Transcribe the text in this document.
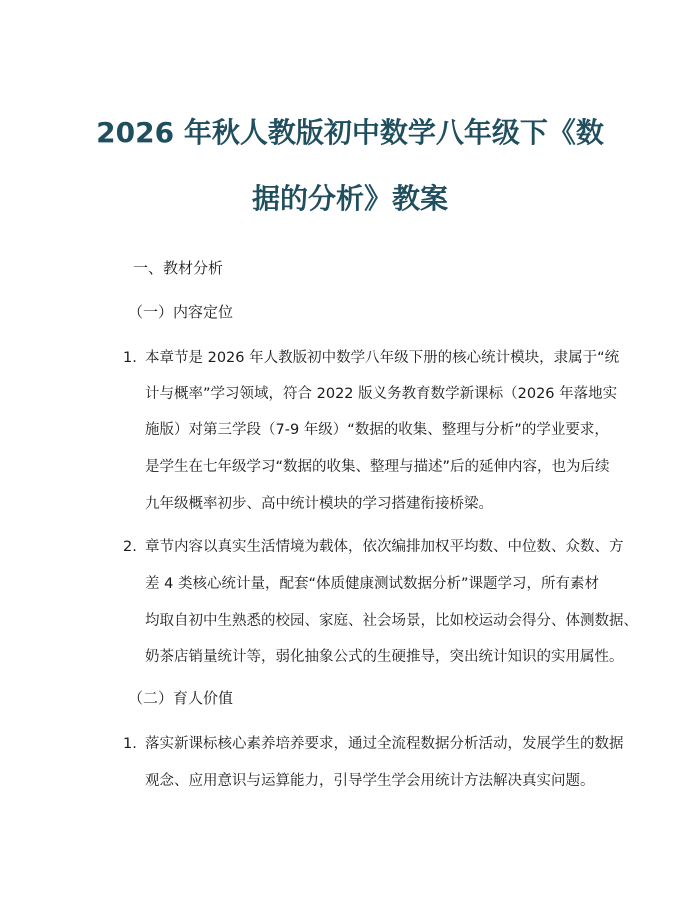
2026 年秋人教版初中数学八年级下《数
据的分析》教案

一、教材分析

（一）内容定位

1. 本章节是 2026 年人教版初中数学八年级下册的核心统计模块，隶属于“统
计与概率”学习领域，符合 2022 版义务教育数学新课标（2026 年落地实
施版）对第三学段（7-9 年级）“数据的收集、整理与分析”的学业要求，
是学生在七年级学习“数据的收集、整理与描述”后的延伸内容，也为后续
九年级概率初步、高中统计模块的学习搭建衔接桥梁。
2. 章节内容以真实生活情境为载体，依次编排加权平均数、中位数、众数、方
差 4 类核心统计量，配套“体质健康测试数据分析”课题学习，所有素材
均取自初中生熟悉的校园、家庭、社会场景，比如校运动会得分、体测数据、
奶茶店销量统计等，弱化抽象公式的生硬推导，突出统计知识的实用属性。

（二）育人价值

1. 落实新课标核心素养培养要求，通过全流程数据分析活动，发展学生的数据
观念、应用意识与运算能力，引导学生学会用统计方法解决真实问题。
